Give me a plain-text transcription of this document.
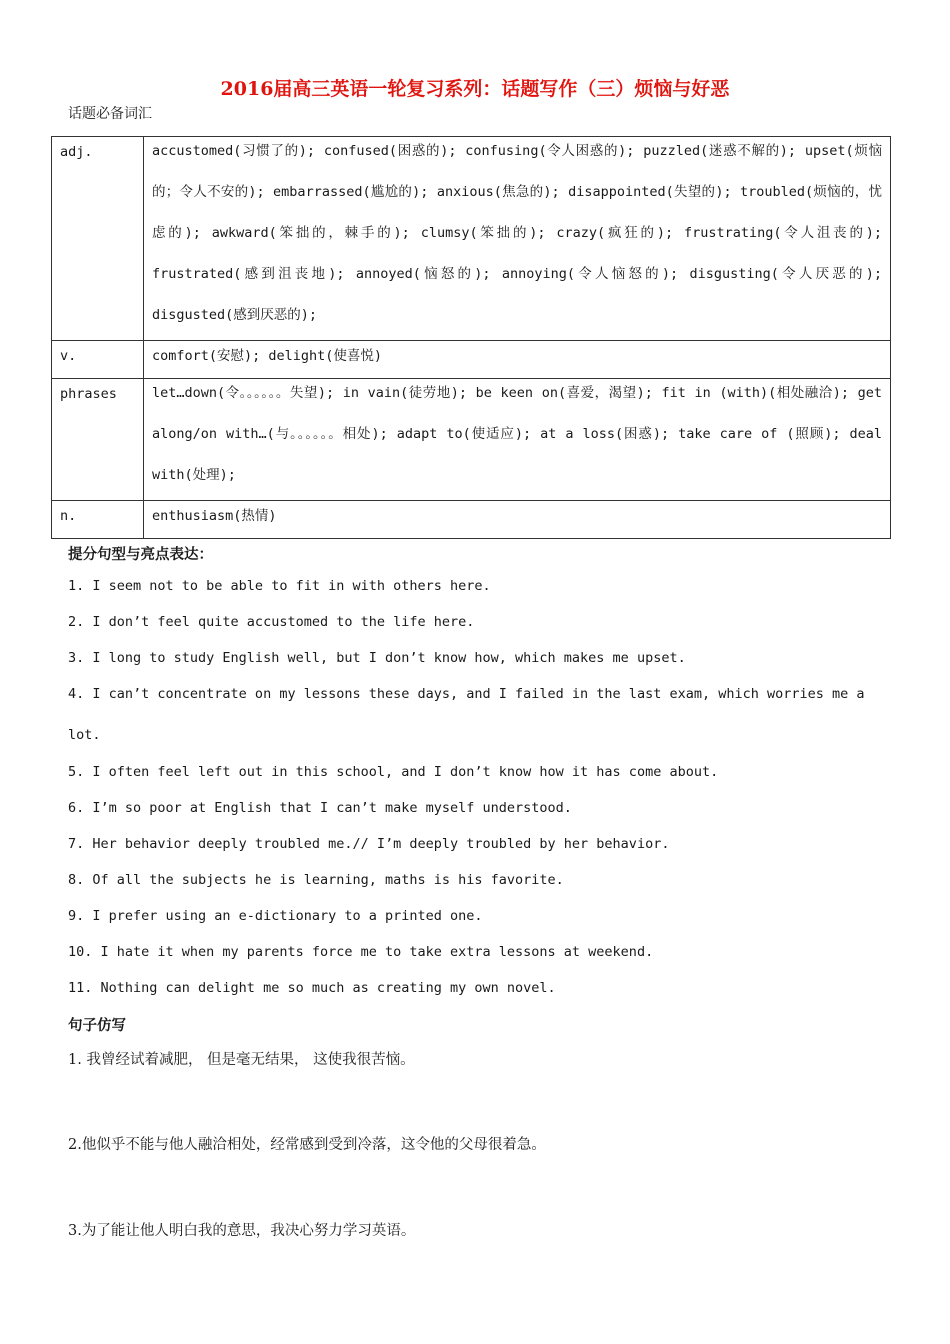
2016届高三英语一轮复习系列：话题写作（三）烦恼与好恶
话题必备词汇
adj.	accustomed(习惯了的); confused(困惑的); confusing(令人困惑的); puzzled(迷惑不解的); upset(烦恼的；令人不安的); embarrassed(尴尬的); anxious(焦急的); disappointed(失望的); troubled(烦恼的，忧虑的); awkward(笨拙的，棘手的); clumsy(笨拙的); crazy(疯狂的); frustrating(令人沮丧的); frustrated(感到沮丧地); annoyed(恼怒的); annoying(令人恼怒的); disgusting(令人厌恶的); disgusted(感到厌恶的);

v.	comfort(安慰); delight(使喜悦)

phrases	let…down(令。。。。。。失望); in vain(徒劳地); be keen on(喜爱，渴望); fit in (with)(相处融洽); get along/on with…(与。。。。。。相处); adapt to(使适应); at a loss(困惑); take care of (照顾); deal with(处理);

n.	enthusiasm(热情)
提分句型与亮点表达：
1. I seem not to be able to fit in with others here.
2. I don’t feel quite accustomed to the life here.
3. I long to study English well, but I don’t know how, which makes me upset.
4. I can’t concentrate on my lessons these days, and I failed in the last exam, which worries me a lot.
5. I often feel left out in this school, and I don’t know how it has come about.
6. I’m so poor at English that I can’t make myself understood.
7. Her behavior deeply troubled me.// I’m deeply troubled by her behavior.
8. Of all the subjects he is learning, maths is his favorite.
9. I prefer using an e-dictionary to a printed one.
10. I hate it when my parents force me to take extra lessons at weekend.
11. Nothing can delight me so much as creating my own novel.
句子仿写
1. 我曾经试着减肥， 但是毫无结果， 这使我很苦恼。
2.他似乎不能与他人融洽相处，经常感到受到冷落，这令他的父母很着急。
3.为了能让他人明白我的意思，我决心努力学习英语。
